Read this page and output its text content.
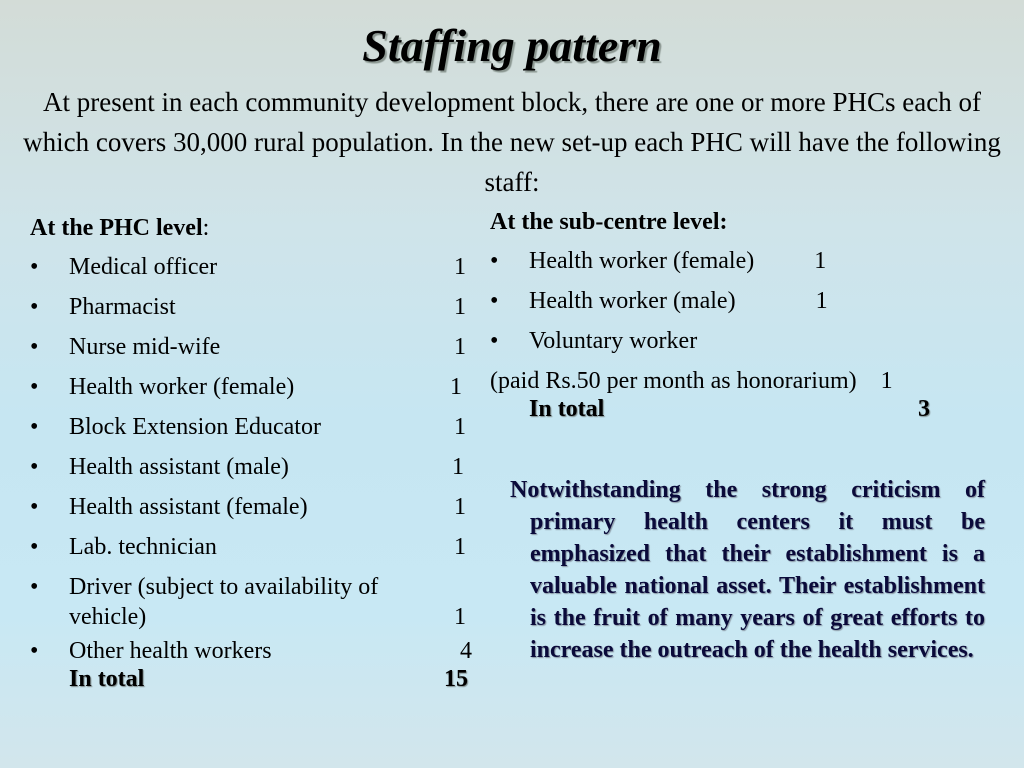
Staffing pattern
At present in each community development block, there are one or more PHCs each of which covers 30,000 rural population. In the new set-up each PHC will have the following staff:
At the PHC level:
•	Medical officer	1
•	Pharmacist	1
•	Nurse mid-wife	1
•	Health worker (female)	1
•	Block Extension Educator	1
•	Health assistant (male)	1
•	Health assistant (female)	1
•	Lab. technician	1
•	Driver (subject to availability of
vehicle)	1
•	Other health workers	4
In total	15
At the sub-centre level:
•	Health worker (female)	1
•	Health worker (male)	1
•	Voluntary worker
(paid Rs.50 per month as honorarium) 1
In total	3
Notwithstanding the strong criticism of primary health centers it must be emphasized that their establishment is a valuable national asset. Their establishment is the fruit of many years of great efforts to increase the outreach of the health services.
